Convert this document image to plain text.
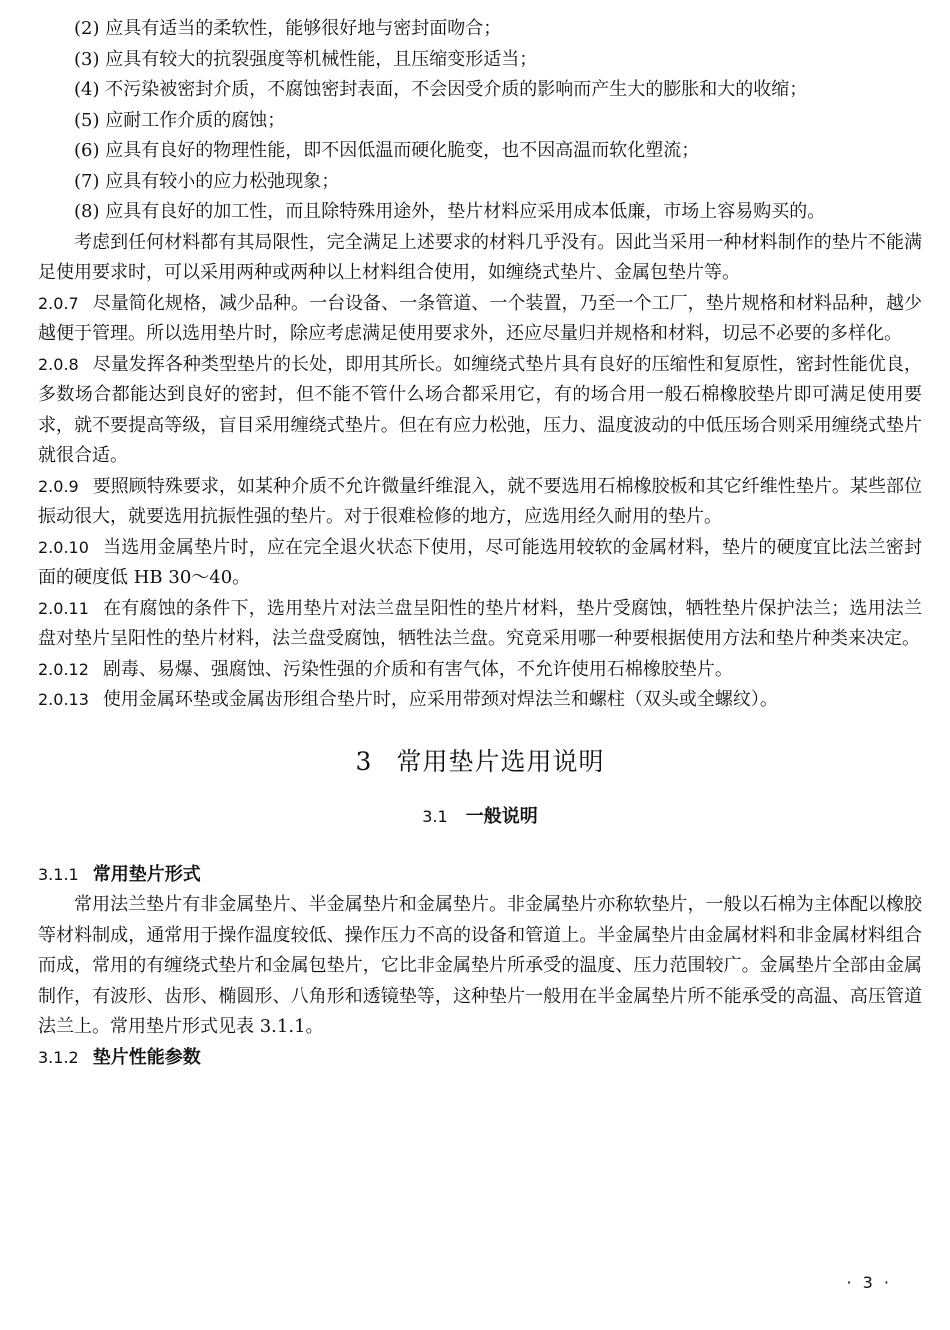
(2) 应具有适当的柔软性，能够很好地与密封面吻合；

(3) 应具有较大的抗裂强度等机械性能，且压缩变形适当；

(4) 不污染被密封介质，不腐蚀密封表面，不会因受介质的影响而产生大的膨胀和大的收缩；

(5) 应耐工作介质的腐蚀；

(6) 应具有良好的物理性能，即不因低温而硬化脆变，也不因高温而软化塑流；

(7) 应具有较小的应力松弛现象；

(8) 应具有良好的加工性，而且除特殊用途外，垫片材料应采用成本低廉，市场上容易购买的。

考虑到任何材料都有其局限性，完全满足上述要求的材料几乎没有。因此当采用一种材料制作的垫片不能满足使用要求时，可以采用两种或两种以上材料组合使用，如缠绕式垫片、金属包垫片等。

2.0.7 尽量简化规格，减少品种。一台设备、一条管道、一个装置，乃至一个工厂，垫片规格和材料品种，越少越便于管理。所以选用垫片时，除应考虑满足使用要求外，还应尽量归并规格和材料，切忌不必要的多样化。

2.0.8 尽量发挥各种类型垫片的长处，即用其所长。如缠绕式垫片具有良好的压缩性和复原性，密封性能优良，多数场合都能达到良好的密封，但不能不管什么场合都采用它，有的场合用一般石棉橡胶垫片即可满足使用要求，就不要提高等级，盲目采用缠绕式垫片。但在有应力松弛，压力、温度波动的中低压场合则采用缠绕式垫片就很合适。

2.0.9 要照顾特殊要求，如某种介质不允许微量纤维混入，就不要选用石棉橡胶板和其它纤维性垫片。某些部位振动很大，就要选用抗振性强的垫片。对于很难检修的地方，应选用经久耐用的垫片。

2.0.10 当选用金属垫片时，应在完全退火状态下使用，尽可能选用较软的金属材料，垫片的硬度宜比法兰密封面的硬度低 HB 30～40。

2.0.11 在有腐蚀的条件下，选用垫片对法兰盘呈阳性的垫片材料，垫片受腐蚀，牺牲垫片保护法兰；选用法兰盘对垫片呈阳性的垫片材料，法兰盘受腐蚀，牺牲法兰盘。究竟采用哪一种要根据使用方法和垫片种类来决定。

2.0.12 剧毒、易爆、强腐蚀、污染性强的介质和有害气体，不允许使用石棉橡胶垫片。

2.0.13 使用金属环垫或金属齿形组合垫片时，应采用带颈对焊法兰和螺柱（双头或全螺纹）。

3 常用垫片选用说明
3.1 一般说明

3.1.1 常用垫片形式

常用法兰垫片有非金属垫片、半金属垫片和金属垫片。非金属垫片亦称软垫片，一般以石棉为主体配以橡胶等材料制成，通常用于操作温度较低、操作压力不高的设备和管道上。半金属垫片由金属材料和非金属材料组合而成，常用的有缠绕式垫片和金属包垫片，它比非金属垫片所承受的温度、压力范围较广。金属垫片全部由金属制作，有波形、齿形、椭圆形、八角形和透镜垫等，这种垫片一般用在半金属垫片所不能承受的高温、高压管道法兰上。常用垫片形式见表 3.1.1。

3.1.2 垫片性能参数

· 3 ·
